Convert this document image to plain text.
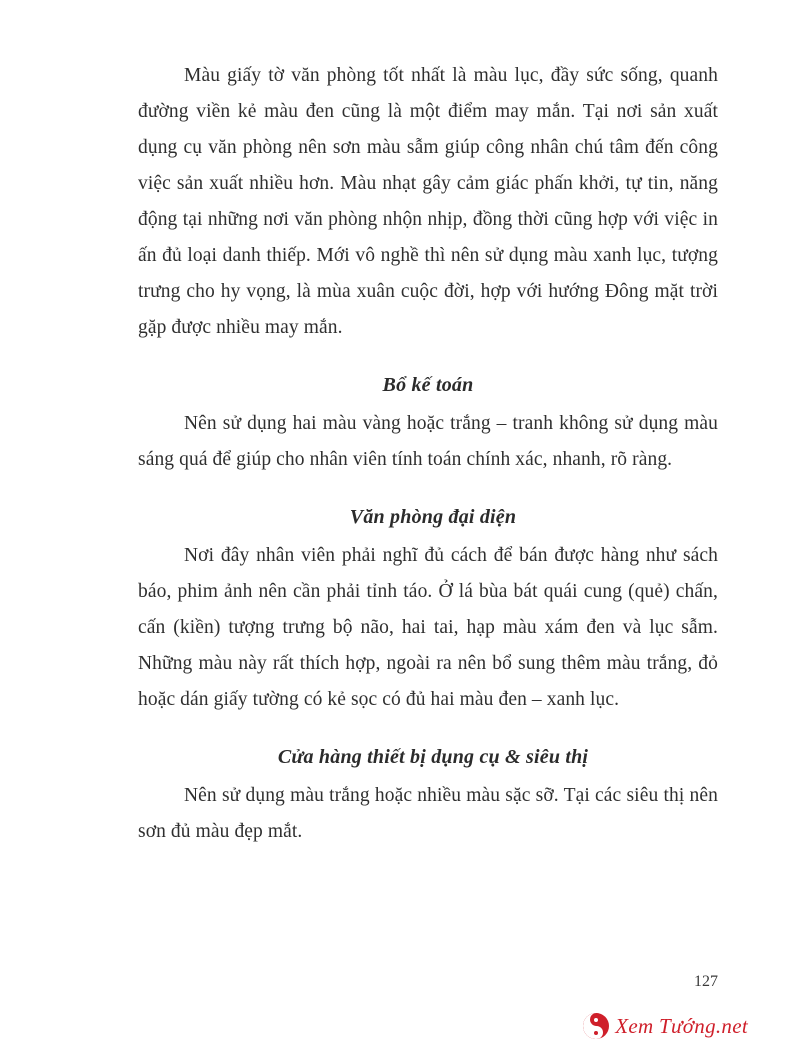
Màu giấy tờ văn phòng tốt nhất là màu lục, đầy sức sống, quanh đường viền kẻ màu đen cũng là một điểm may mắn. Tại nơi sản xuất dụng cụ văn phòng nên sơn màu sẫm giúp công nhân chú tâm đến công việc sản xuất nhiều hơn. Màu nhạt gây cảm giác phấn khởi, tự tin, năng động tại những nơi văn phòng nhộn nhịp, đồng thời cũng hợp với việc in ấn đủ loại danh thiếp. Mới vô nghề thì nên sử dụng màu xanh lục, tượng trưng cho hy vọng, là mùa xuân cuộc đời, hợp với hướng Đông mặt trời gặp được nhiều may mắn.

Bổ kế toán

Nên sử dụng hai màu vàng hoặc trắng – tranh không sử dụng màu sáng quá để giúp cho nhân viên tính toán chính xác, nhanh, rõ ràng.

Văn phòng đại diện

Nơi đây nhân viên phải nghĩ đủ cách để bán được hàng như sách báo, phim ảnh nên cần phải tỉnh táo. Ở lá bùa bát quái cung (quẻ) chấn, cấn (kiền) tượng trưng bộ não, hai tai, hạp màu xám đen và lục sẫm. Những màu này rất thích hợp, ngoài ra nên bổ sung thêm màu trắng, đỏ hoặc dán giấy tường có kẻ sọc có đủ hai màu đen – xanh lục.

Cửa hàng thiết bị dụng cụ & siêu thị

Nên sử dụng màu trắng hoặc nhiều màu sặc sỡ. Tại các siêu thị nên sơn đủ màu đẹp mắt.

127
Xem Tướng.net
